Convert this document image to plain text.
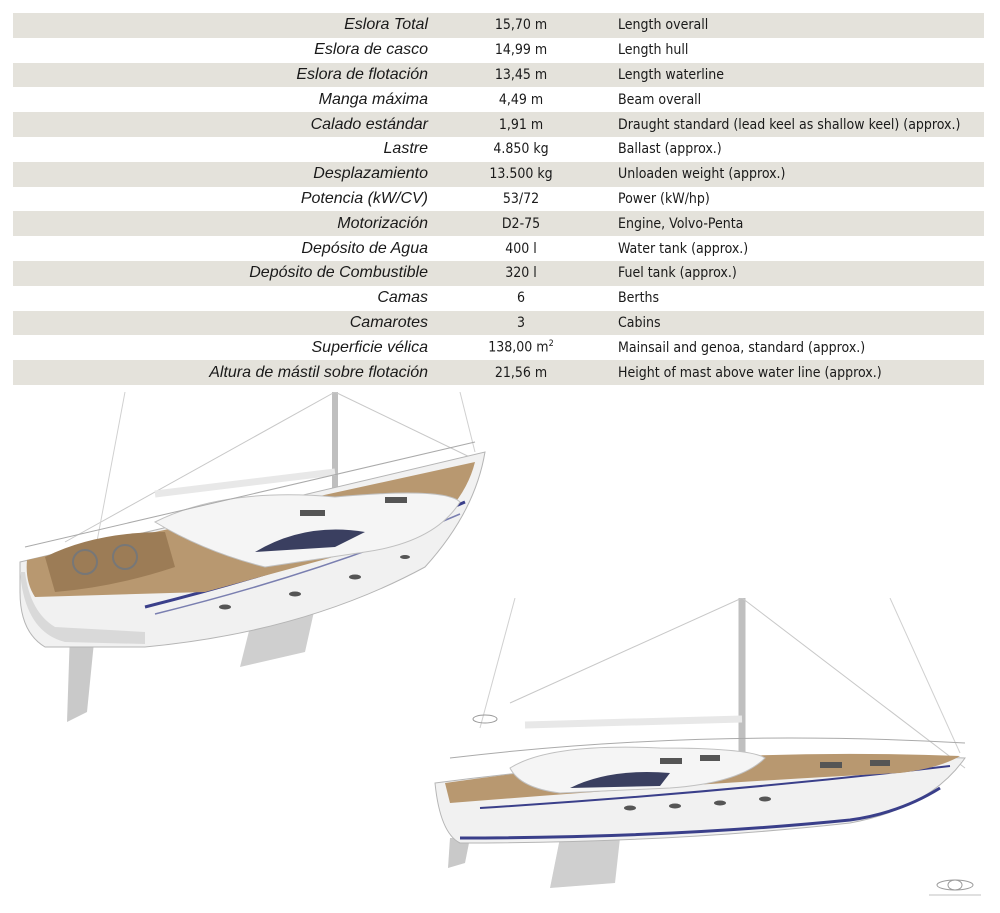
Eslora Total	15,70 m	Length overall
Eslora de casco	14,99 m	Length hull
Eslora de flotación	13,45 m	Length waterline
Manga máxima	4,49 m	Beam overall
Calado estándar	1,91 m	Draught standard (lead keel as shallow keel) (approx.)
Lastre	4.850 kg	Ballast (approx.)
Desplazamiento	13.500 kg	Unloaden weight (approx.)
Potencia (kW/CV)	53/72	Power (kW/hp)
Motorización	D2-75	Engine, Volvo-Penta
Depósito de Agua	400 l	Water tank (approx.)
Depósito de Combustible	320 l	Fuel tank (approx.)
Camas	6	Berths
Camarotes	3	Cabins
Superficie vélica	138,00 $m^2$	Mainsail and genoa, standard (approx.)
Altura de mástil sobre flotación	21,56 m	Height of mast above water line (approx.)
